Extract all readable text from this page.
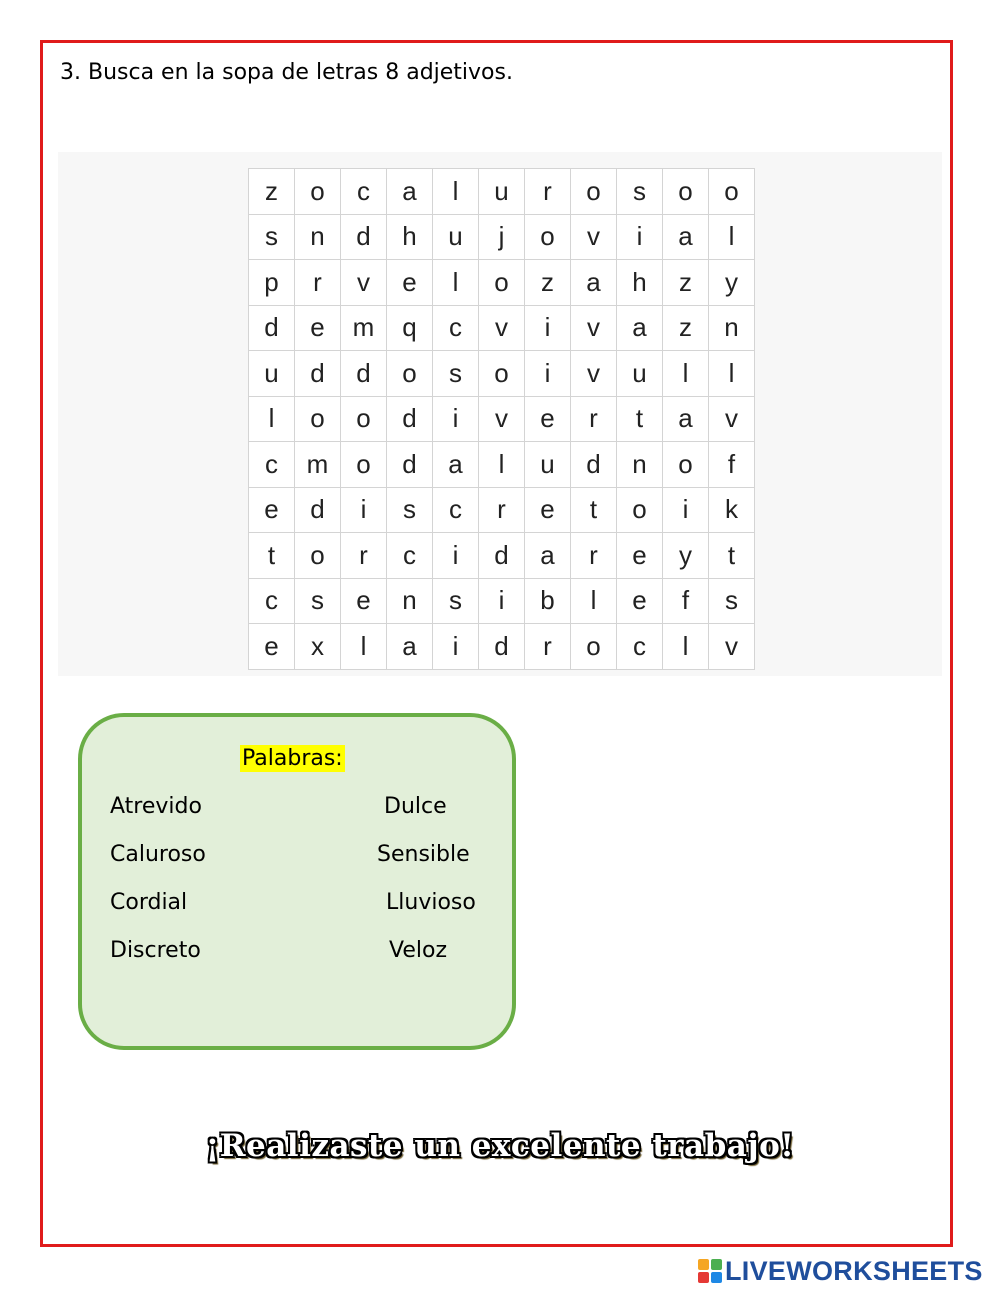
3. Busca en la sopa de letras 8 adjetivos.
z	o	c	a	l	u	r	o	s	o	o
s	n	d	h	u	j	o	v	i	a	l
p	r	v	e	l	o	z	a	h	z	y
d	e	m	q	c	v	i	v	a	z	n
u	d	d	o	s	o	i	v	u	l	l
l	o	o	d	i	v	e	r	t	a	v
c	m	o	d	a	l	u	d	n	o	f
e	d	i	s	c	r	e	t	o	i	k
t	o	r	c	i	d	a	r	e	y	t
c	s	e	n	s	i	b	l	e	f	s
e	x	l	a	i	d	r	o	c	l	v
Palabras:
Atrevido
Caluroso
Cordial
Discreto
Dulce
Sensible
Lluvioso
Veloz
¡Realizaste un excelente trabajo!
LIVEWORKSHEETS
